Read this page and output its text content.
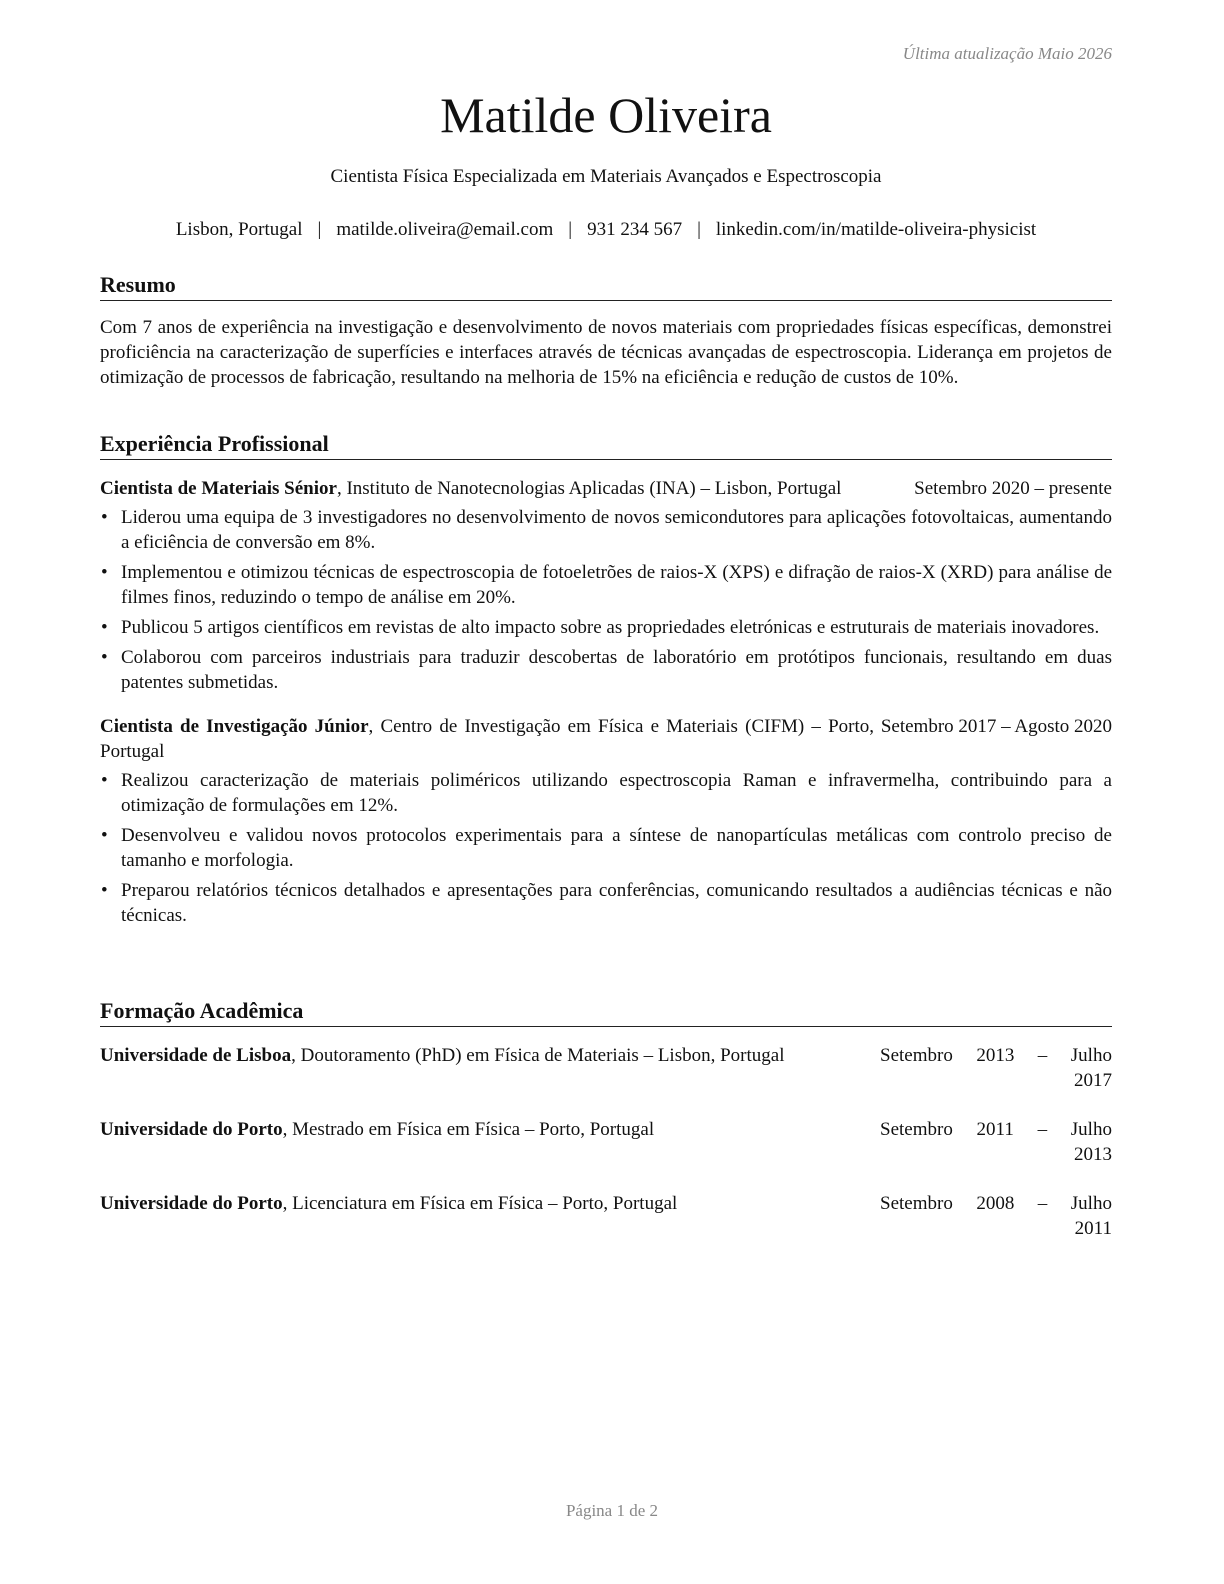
Última atualização Maio 2026
Matilde Oliveira
Cientista Física Especializada em Materiais Avançados e Espectroscopia
Lisbon, Portugal | matilde.oliveira@email.com | 931 234 567 | linkedin.com/in/matilde-oliveira-physicist
Resumo
Com 7 anos de experiência na investigação e desenvolvimento de novos materiais com propriedades físicas específicas, demonstrei proficiência na caracterização de superfícies e interfaces através de técnicas avançadas de espectroscopia. Liderança em projetos de otimização de processos de fabricação, resultando na melhoria de 15% na eficiência e redução de custos de 10%.
Experiência Profissional
Cientista de Materiais Sénior, Instituto de Nanotecnologias Aplicadas (INA) – Lisbon, Portugal	Setembro 2020 – presente
• Liderou uma equipa de 3 investigadores no desenvolvimento de novos semicondutores para aplicações fotovoltaicas, aumentando a eficiência de conversão em 8%.
• Implementou e otimizou técnicas de espectroscopia de fotoeletrões de raios-X (XPS) e difração de raios-X (XRD) para análise de filmes finos, reduzindo o tempo de análise em 20%.
• Publicou 5 artigos científicos em revistas de alto impacto sobre as propriedades eletrónicas e estruturais de materiais inovadores.
• Colaborou com parceiros industriais para traduzir descobertas de laboratório em protótipos funcionais, resultando em duas patentes submetidas.
Cientista de Investigação Júnior, Centro de Investigação em Física e Materiais (CIFM) – Porto, Portugal
Setembro 2017 – Agosto 2020
• Realizou caracterização de materiais poliméricos utilizando espectroscopia Raman e infravermelha, contribuindo para a otimização de formulações em 12%.
• Desenvolveu e validou novos protocolos experimentais para a síntese de nanopartículas metálicas com controlo preciso de tamanho e morfologia.
• Preparou relatórios técnicos detalhados e apresentações para conferências, comunicando resultados a audiências técnicas e não técnicas.
Formação Acadêmica
Universidade de Lisboa, Doutoramento (PhD) em Física de Materiais – Lisbon, Portugal	Setembro 2013 – Julho
2017
Universidade do Porto, Mestrado em Física em Física – Porto, Portugal	Setembro 2011 – Julho
2013
Universidade do Porto, Licenciatura em Física em Física – Porto, Portugal	Setembro 2008 – Julho
2011
Página 1 de 2
